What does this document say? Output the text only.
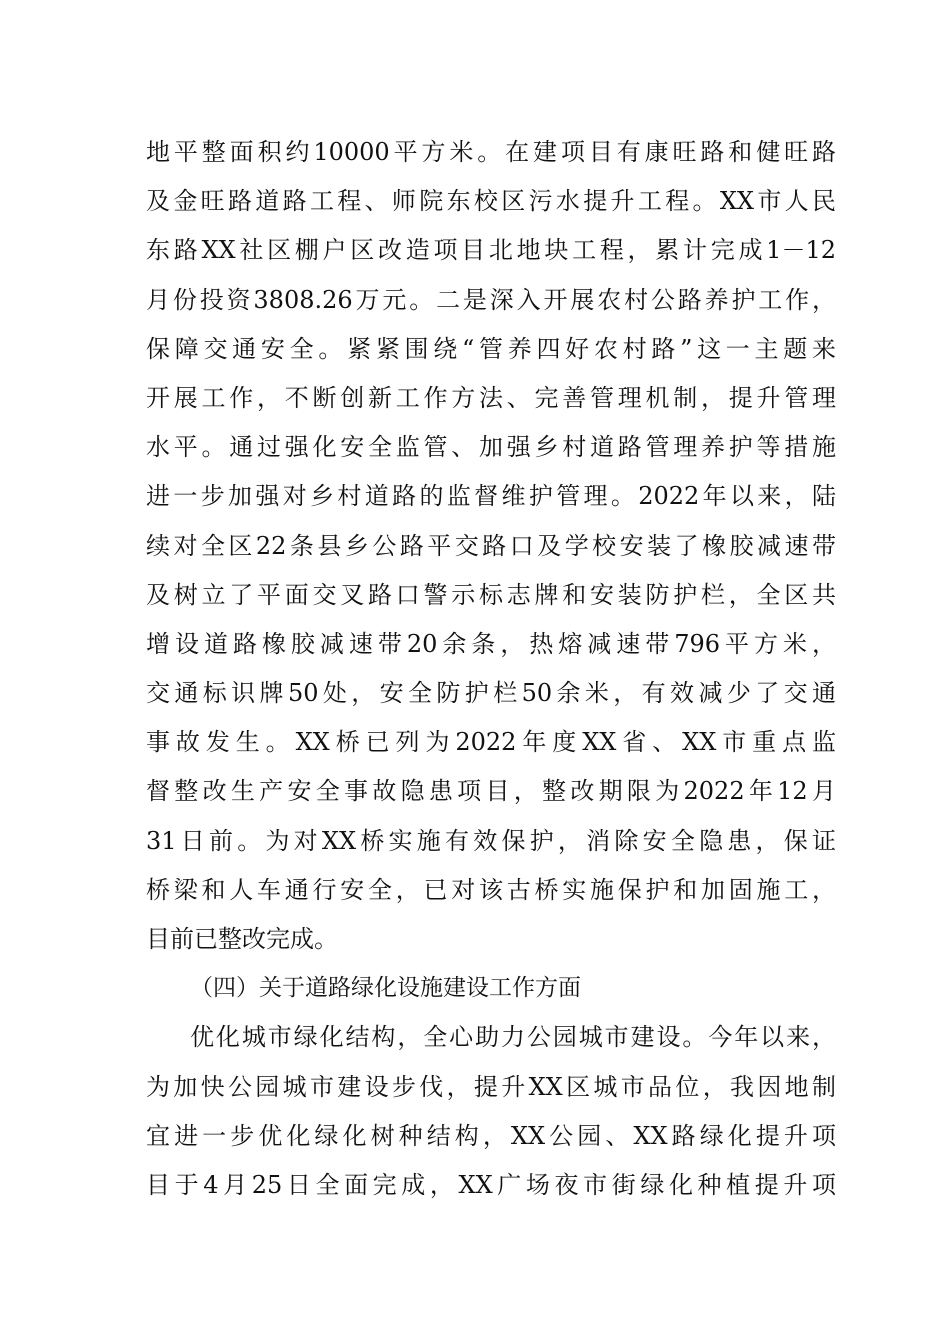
地平整面积约10000平方米。在建项目有康旺路和健旺路
及金旺路道路工程、师院东校区污水提升工程。XX市人民
东路XX社区棚户区改造项目北地块工程，累计完成1－12
月份投资3808.26万元。二是深入开展农村公路养护工作，
保障交通安全。紧紧围绕“管养四好农村路”这一主题来
开展工作，不断创新工作方法、完善管理机制，提升管理
水平。通过强化安全监管、加强乡村道路管理养护等措施
进一步加强对乡村道路的监督维护管理。2022年以来，陆
续对全区22条县乡公路平交路口及学校安装了橡胶减速带
及树立了平面交叉路口警示标志牌和安装防护栏，全区共
增设道路橡胶减速带20余条，热熔减速带796平方米，
交通标识牌50处，安全防护栏50余米，有效减少了交通
事故发生。XX桥已列为2022年度XX省、XX市重点监
督整改生产安全事故隐患项目，整改期限为2022年12月
31日前。为对XX桥实施有效保护，消除安全隐患，保证
桥梁和人车通行安全，已对该古桥实施保护和加固施工，
目前已整改完成。
（四）关于道路绿化设施建设工作方面
优化城市绿化结构，全心助力公园城市建设。今年以来，
为加快公园城市建设步伐，提升XX区城市品位，我因地制
宜进一步优化绿化树种结构，XX公园、XX路绿化提升项
目于4月25日全面完成，XX广场夜市街绿化种植提升项
